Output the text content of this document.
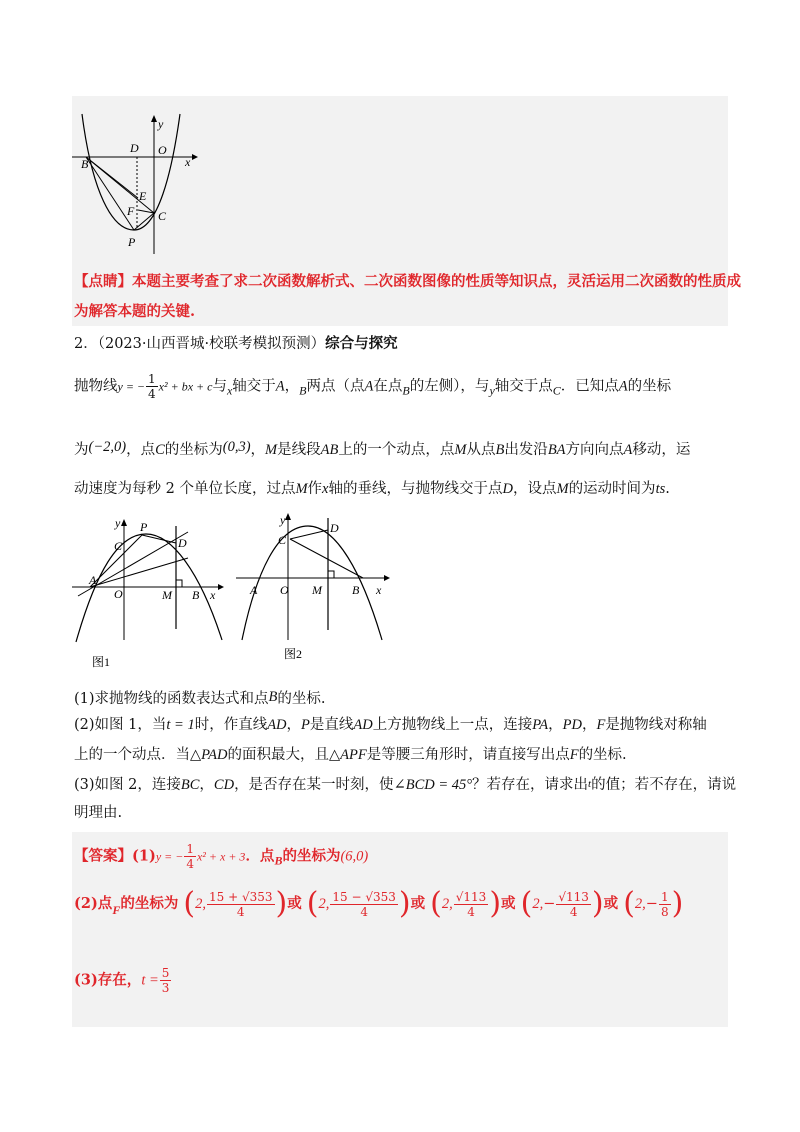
y
x
D O
B
E
F C
P
【点睛】本题主要考查了求二次函数解析式、二次函数图像的性质等知识点，灵活运用二次函数的性质成
为解答本题的关键.
2．（2023·山西晋城·校联考模拟预测）综合与探究
抛物线y = − $\frac{1}{4} x^2$ + bx + c与$_x$轴交于A，$_B$两点（点A在点$_B$的左侧），与$_y$轴交于点$_C$．已知点A的坐标
为(−2,0)，点C的坐标为(0,3)，M是线段AB上的一个动点，点M从点B出发沿BA方向向点A移动，运
动速度为每秒 2 个单位长度，过点M作x轴的垂线，与抛物线交于点D，设点M的运动时间为ts.
y P
C	D
A
O	M B x
图1
y
C
D
A O M	B x
图2
(1)求抛物线的函数表达式和点B的坐标.
(2)如图 1，当t = 1时，作直线AD，P是直线AD上方抛物线上一点，连接PA，PD，F是抛物线对称轴
上的一个动点．当△PAD的面积最大，且△APF是等腰三角形时，请直接写出点F的坐标.
(3)如图 2，连接BC，CD，是否存在某一时刻，使∠BCD = 45°？若存在，请求出t的值；若不存在，请说
明理由.
【答案】(1)y = − $\frac{1}{4} x^2 + x + 3$．点$_B$的坐标为(6,0)
(2)点$_F$的坐标为 ( 2, $\frac{15 + √353}{4}$ ) 或 ( 2, $\frac{15 - √353}{4}$ ) 或 ( 2, $\frac{√113}{4}$ ) 或 ( 2, − $\frac{√113}{4}$ ) 或 ( 2, − $\frac{1}{8}$ )
(3)存在，$t = \frac{5}{3}$
